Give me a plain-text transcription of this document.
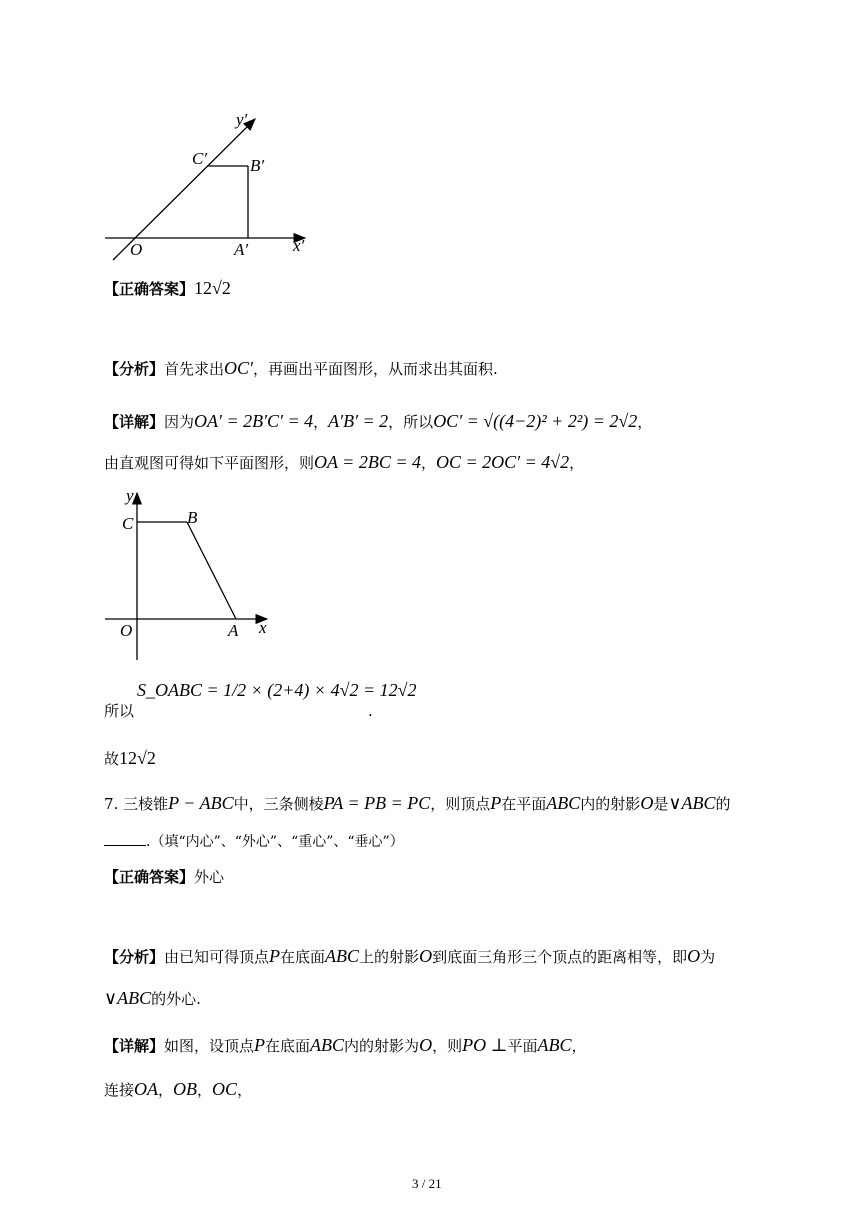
y′
x′
O	A′
B′
C′
【正确答案】12√2
【分析】首先求出OC′，再画出平面图形，从而求出其面积.
【详解】因为OA′ = 2B′C′ = 4，A′B′ = 2，所以OC′ = √((4−2)² + 2²) = 2√2，
由直观图可得如下平面图形，则OA = 2BC = 4，OC = 2OC′ = 4√2，
y
x
O	A
B
C
S_OABC = 1/2 × (2+4) × 4√2 = 12√2
所以	.
故12√2
7. 三棱锥P − ABC中，三条侧棱PA = PB = PC，则顶点P在平面ABC内的射影O是∨ABC的
.（填“内心”、“外心”、“重心”、“垂心”）
【正确答案】外心
【分析】由已知可得顶点P在底面ABC上的射影O到底面三角形三个顶点的距离相等，即O为
∨ABC的外心.
【详解】如图，设顶点P在底面ABC内的射影为O，则PO ⊥平面ABC，
连接OA，OB，OC，
3 / 21
